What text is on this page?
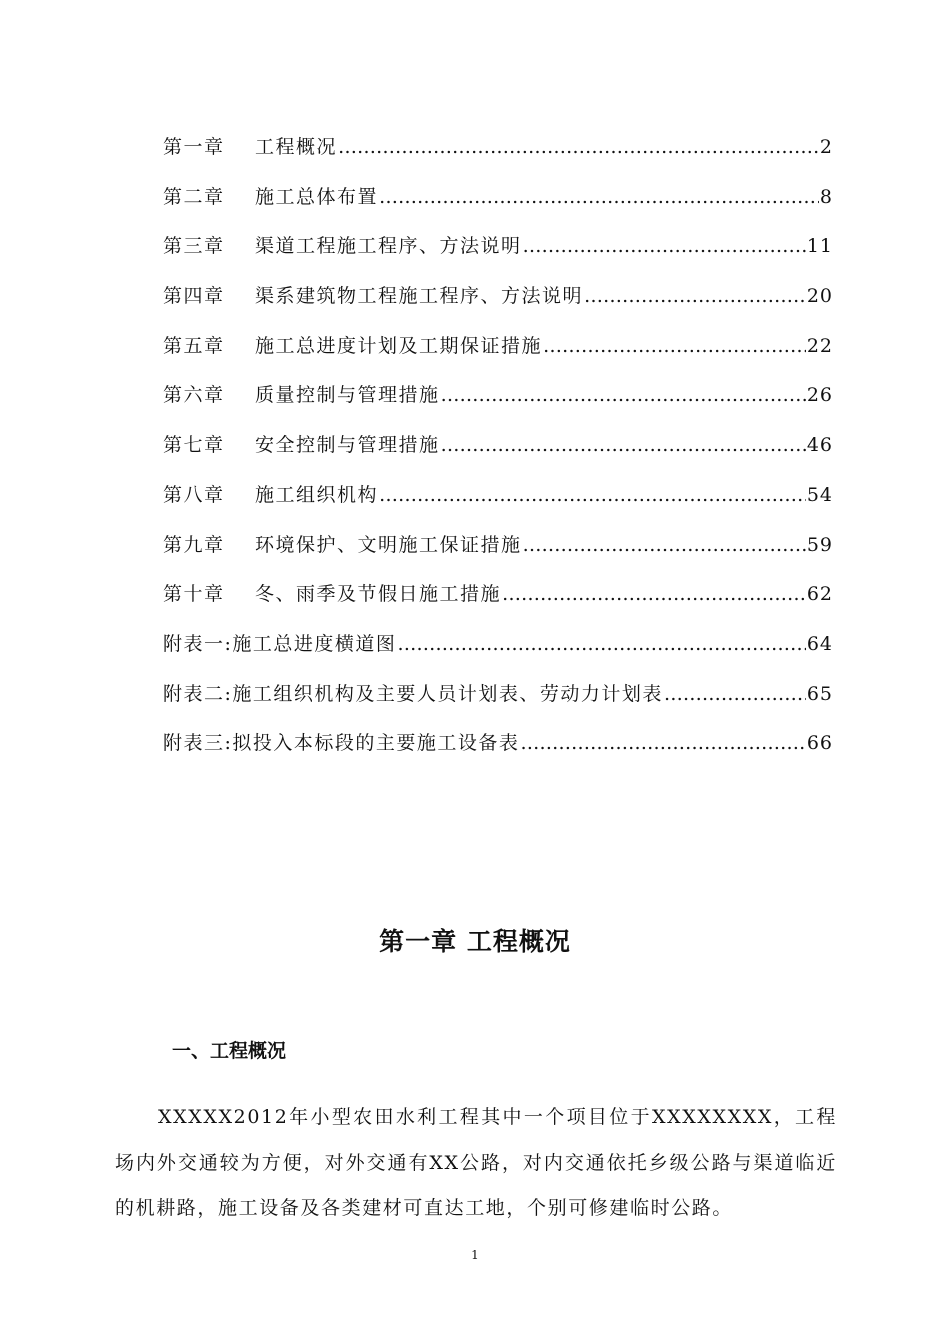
第一章	工程概况 ………………………………………………………………………………………………………………………………………………………………	2
第二章	施工总体布置 ………………………………………………………………………………………………………………………………………………………………	8
第三章	渠道工程施工程序、方法说明 ………………………………………………………………………………………………………………………………………………………………	11
第四章	渠系建筑物工程施工程序、方法说明 ………………………………………………………………………………………………………………………………………………………………	20
第五章	施工总进度计划及工期保证措施 ………………………………………………………………………………………………………………………………………………………………	22
第六章	质量控制与管理措施 ………………………………………………………………………………………………………………………………………………………………	26
第七章	安全控制与管理措施 ………………………………………………………………………………………………………………………………………………………………	46
第八章	施工组织机构 ………………………………………………………………………………………………………………………………………………………………	54
第九章	环境保护、文明施工保证措施 ………………………………………………………………………………………………………………………………………………………………	59
第十章	冬、雨季及节假日施工措施 ………………………………………………………………………………………………………………………………………………………………	62
附表一: 施工总进度横道图 ………………………………………………………………………………………………………………………………………………………………	64
附表二: 施工组织机构及主要人员计划表、劳动力计划表 ………………………………………………………………………………………………………………………………………………………………	65
附表三: 拟投入本标段的主要施工设备表 ………………………………………………………………………………………………………………………………………………………………	66
第一章 工程概况
一、工程概况

XXXXX2012年小型农田水利工程其中一个项目位于XXXXXXXX，工程场内外交通较为方便，对外交通有XX公路，对内交通依托乡级公路与渠道临近的机耕路，施工设备及各类建材可直达工地，个别可修建临时公路。

1
